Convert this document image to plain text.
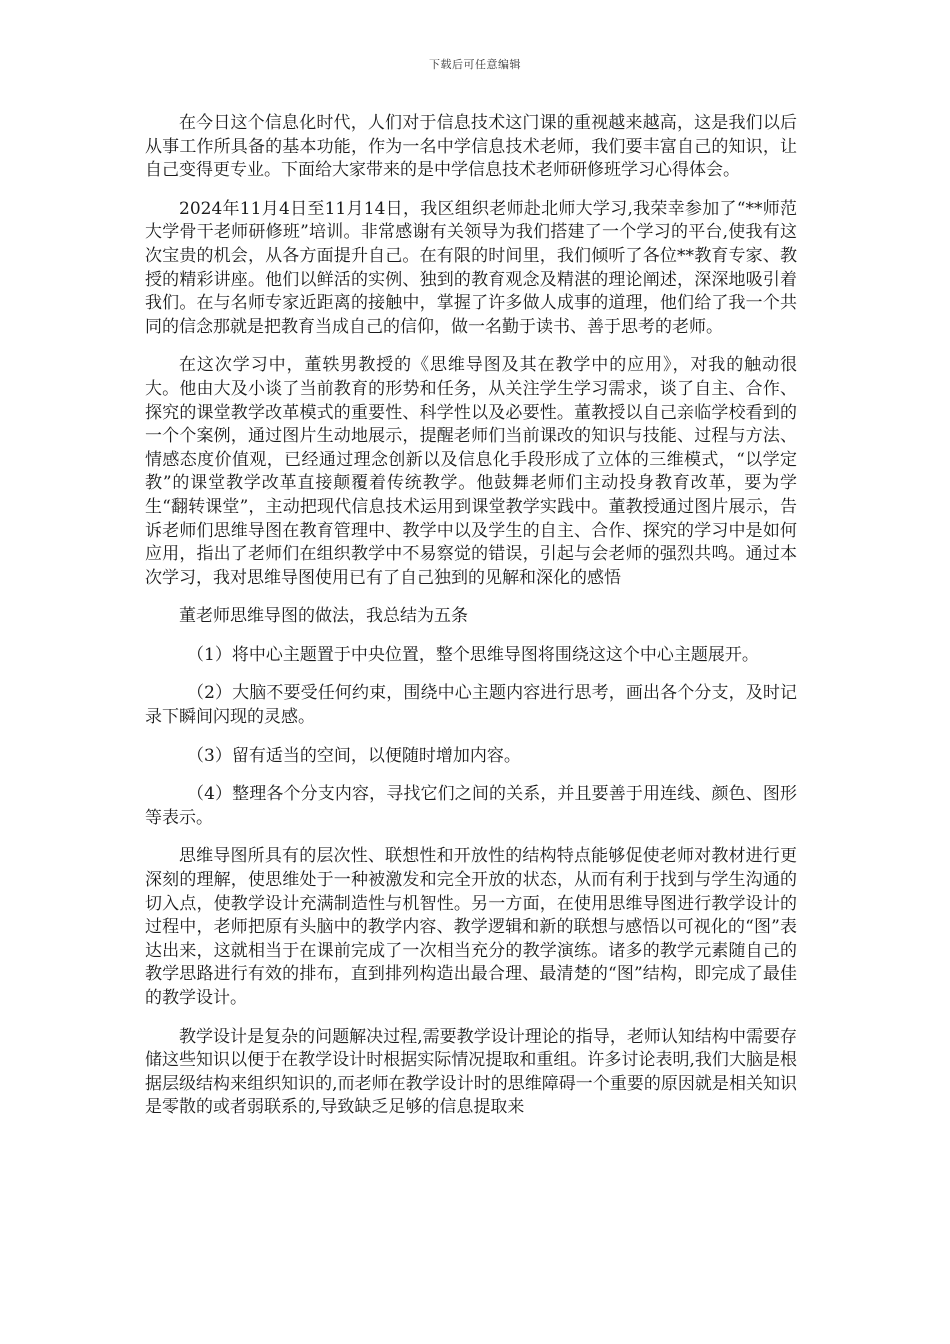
下载后可任意编辑

在今日这个信息化时代，人们对于信息技术这门课的重视越来越高，这是我们以后从事工作所具备的基本功能，作为一名中学信息技术老师，我们要丰富自己的知识，让自己变得更专业。下面给大家带来的是中学信息技术老师研修班学习心得体会。

2024年11月4日至11月14日，我区组织老师赴北师大学习,我荣幸参加了“**师范大学骨干老师研修班”培训。非常感谢有关领导为我们搭建了一个学习的平台,使我有这次宝贵的机会，从各方面提升自己。在有限的时间里，我们倾听了各位**教育专家、教授的精彩讲座。他们以鲜活的实例、独到的教育观念及精湛的理论阐述，深深地吸引着我们。在与名师专家近距离的接触中，掌握了许多做人成事的道理，他们给了我一个共同的信念那就是把教育当成自己的信仰，做一名勤于读书、善于思考的老师。

在这次学习中，董轶男教授的《思维导图及其在教学中的应用》，对我的触动很大。他由大及小谈了当前教育的形势和任务，从关注学生学习需求，谈了自主、合作、探究的课堂教学改革模式的重要性、科学性以及必要性。董教授以自己亲临学校看到的一个个案例，通过图片生动地展示，提醒老师们当前课改的知识与技能、过程与方法、情感态度价值观，已经通过理念创新以及信息化手段形成了立体的三维模式，“以学定教”的课堂教学改革直接颠覆着传统教学。他鼓舞老师们主动投身教育改革，要为学生“翻转课堂”，主动把现代信息技术运用到课堂教学实践中。董教授通过图片展示，告诉老师们思维导图在教育管理中、教学中以及学生的自主、合作、探究的学习中是如何应用，指出了老师们在组织教学中不易察觉的错误，引起与会老师的强烈共鸣。通过本次学习，我对思维导图使用已有了自己独到的见解和深化的感悟

董老师思维导图的做法，我总结为五条

（1）将中心主题置于中央位置，整个思维导图将围绕这这个中心主题展开。

（2）大脑不要受任何约束，围绕中心主题内容进行思考，画出各个分支，及时记录下瞬间闪现的灵感。

（3）留有适当的空间，以便随时增加内容。

（4）整理各个分支内容，寻找它们之间的关系，并且要善于用连线、颜色、图形等表示。

思维导图所具有的层次性、联想性和开放性的结构特点能够促使老师对教材进行更深刻的理解，使思维处于一种被激发和完全开放的状态，从而有利于找到与学生沟通的切入点，使教学设计充满制造性与机智性。另一方面，在使用思维导图进行教学设计的过程中，老师把原有头脑中的教学内容、教学逻辑和新的联想与感悟以可视化的“图”表达出来，这就相当于在课前完成了一次相当充分的教学演练。诸多的教学元素随自己的教学思路进行有效的排布，直到排列构造出最合理、最清楚的“图”结构，即完成了最佳的教学设计。

教学设计是复杂的问题解决过程,需要教学设计理论的指导，老师认知结构中需要存储这些知识以便于在教学设计时根据实际情况提取和重组。许多讨论表明,我们大脑是根据层级结构来组织知识的,而老师在教学设计时的思维障碍一个重要的原因就是相关知识是零散的或者弱联系的,导致缺乏足够的信息提取来
